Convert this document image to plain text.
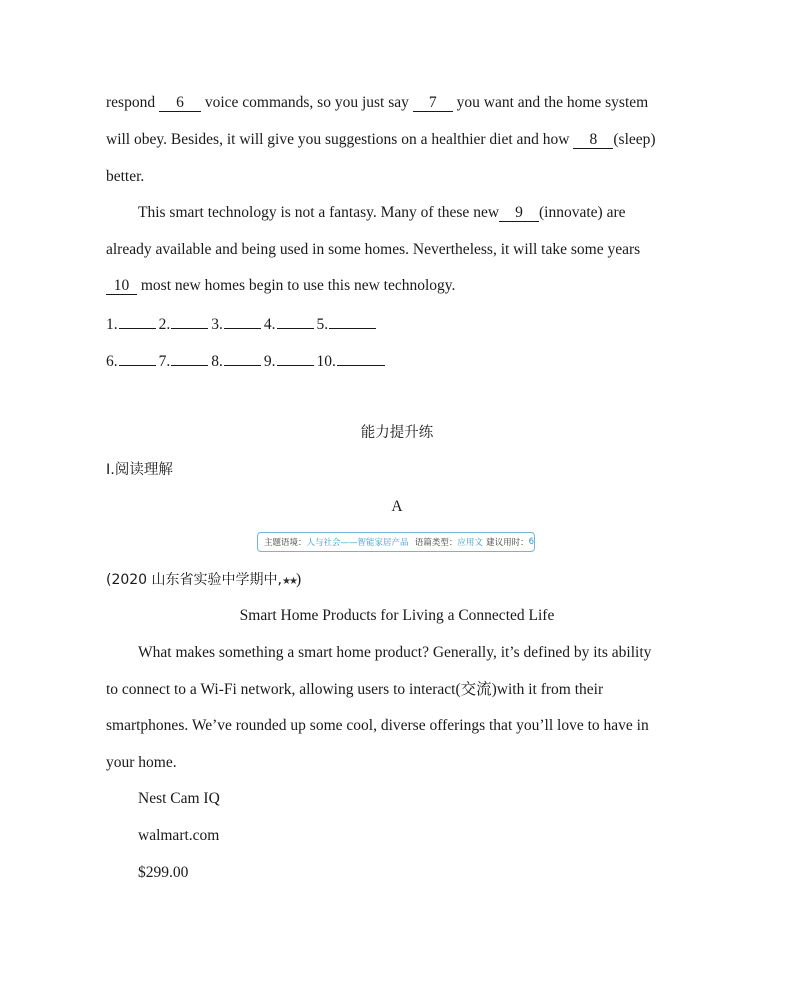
respond 6 voice commands, so you just say 7 you want and the home system
will obey. Besides, it will give you suggestions on a healthier diet and how 8 (sleep)
better.
This smart technology is not a fantasy. Many of these new 9 (innovate) are
already available and being used in some homes. Nevertheless, it will take some years
10 most new homes begin to use this new technology.
1.	2.	3.	4.	5.
6.	7.	8.	9.	10.
能力提升练
Ⅰ.阅读理解
A
主题语境： 人与社会——智能家居产品 语篇类型： 应用文 建议用时： 6
(2020 山东省实验中学期中,★★)
Smart Home Products for Living a Connected Life
What makes something a smart home product? Generally, it’s defined by its ability
to connect to a Wi-Fi network, allowing users to interact(交流)with it from their
smartphones. We’ve rounded up some cool, diverse offerings that you’ll love to have in
your home.
Nest Cam IQ
walmart.com
$299.00
